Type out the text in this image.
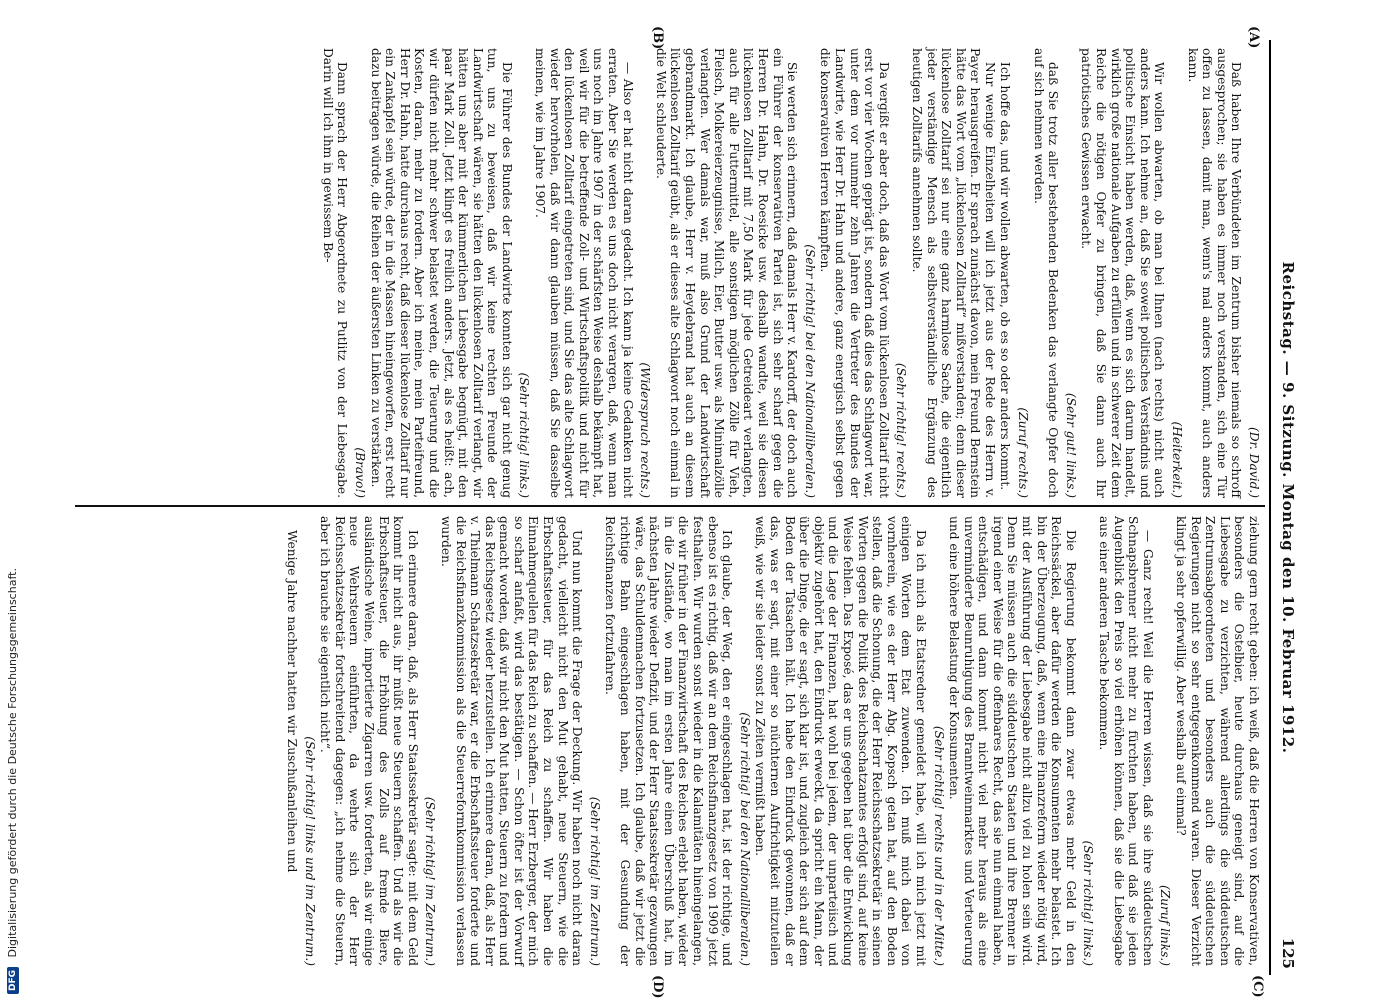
Reichstag. — 9. Sitzung. Montag den 10. Februar 1912.
125
(A)
(B)
(C)
(D)

(Dr. David.)

Daß haben Ihre Verbündeten im Zentrum bisher niemals so schroff ausgesprochen; sie haben es immer noch verstanden, sich eine Tür offen zu lassen, damit man, wenn's mal anders kommt, auch anders kann.

(Heiterkeit.)

Wir wollen abwarten, ob man bei Ihnen (nach rechts) nicht auch anders kann. Ich nehme an, daß Sie soweit politisches Verständnis und politische Einsicht haben werden, daß, wenn es sich darum handelt, wirklich große nationale Aufgaben zu erfüllen und in schwerer Zeit dem Reiche die nötigen Opfer zu bringen, daß Sie dann auch Ihr patriotisches Gewissen erwacht.

(Sehr gut! links.)

daß Sie trotz aller bestehenden Bedenken das verlangte Opfer doch auf sich nehmen werden.

(Zuruf rechts.)

Ich hoffe das, und wir wollen abwarten, ob es so oder anders kommt.

Nur wenige Einzelheiten will ich jetzt aus der Rede des Herrn v. Payer herausgreifen. Er sprach zunächst davon, mein Freund Bernstein hätte das Wort vom „lückenlosen Zolltarif“ mißverstanden; denn dieser lückenlose Zolltarif sei nur eine ganz harmlose Sache, die eigentlich jeder verständige Mensch als selbstverständliche Ergänzung des heutigen Zolltarifs annehmen sollte.

(Sehr richtig! rechts.)

Da vergißt er aber doch, daß das Wort vom lückenlosen Zolltarif nicht erst vor vier Wochen geprägt ist, sondern daß dies das Schlagwort war, unter dem vor nunmehr zehn Jahren die Vertreter des Bundes der Landwirte, wie Herr Dr. Hahn und andere, ganz energisch selbst gegen die konservativen Herren kämpften.

(Sehr richtig! bei den Nationalliberalen.)

Sie werden sich erinnern, daß damals Herr v. Kardorff, der doch auch ein Führer der konservativen Partei ist, sich sehr scharf gegen die Herren Dr. Hahn, Dr. Roesicke usw. deshalb wandte, weil sie diesen lückenlosen Zolltarif mit 7,50 Mark für jede Getreideart verlangten, auch für alle Futtermittel, alle sonstigen möglichen Zölle für Vieh, Fleisch, Molkereierzeugnisse, Milch, Eier, Butter usw. als Minimalzölle verlangten. Wer damals war, muß also Grund der Landwirtschaft gebrandmarkt. Ich glaube, Herr v. Heydebrand hat auch an diesem lückenlosen Zolltarif geübt, als er dieses alte Schlagwort noch einmal in die Welt schleuderte.

(Widerspruch rechts.)

— Also er hat nicht daran gedacht. Ich kann ja keine Gedanken nicht erraten. Aber Sie werden es uns doch nicht verargen, daß, wenn man uns noch im Jahre 1907 in der schärfsten Weise deshalb bekämpft hat, weil wir für die betreffende Zoll- und Wirtschaftspolitik und nicht für den lückenlosen Zolltarif eingetreten sind, und Sie das alte Schlagwort wieder hervorholen, daß wir dann glauben müssen, daß Sie dasselbe meinen, wie im Jahre 1907.

(Sehr richtig! links.)

Die Führer des Bundes der Landwirte konnten sich gar nicht genug tun, uns zu beweisen, daß wir keine rechten Freunde der Landwirtschaft wären, sie hätten den lückenlosen Zolltarif verlangt, wir hätten uns aber mit der kümmerlichen Liebesgabe begnügt, mit den paar Mark Zoll. Jetzt klingt es freilich anders. Jetzt, als es heißt: ach, wir dürfen nicht mehr schwer belastet werden, die Teuerung und die Kosten, daran, mehr zu fordern. Aber ich meine, mein Parteifreund, Herr Dr. Hahn, hatte durchaus recht, daß dieser lückenlose Zolltarif nur ein Zankapfel sein würde, der in die Massen hineingeworfen, erst recht dazu beitragen würde, die Reihen der äußersten Linken zu verstärken.

(Bravo!)

Dann sprach der Herr Abgeordnete zu Putlitz von der Liebesgabe. Darin will ich ihm in gewissem Be-

ziehung gern recht geben: ich weiß, daß die Herren von Konservativen, besonders die Ostelbier, heute durchaus geneigt sind, auf die Liebesgabe zu verzichten, während allerdings die süddeutschen Zentrumsabgeordneten und besonders auch die süddeutschen Regierungen nicht so sehr entgegenkommend waren. Dieser Verzicht klingt ja sehr opferwillig. Aber weshalb auf einmal?

(Zuruf links.)

— Ganz recht! Weil die Herren wissen, daß sie ihre süddeutschen Schnapsbrenner nicht mehr zu fürchten haben, und daß sie jeden Augenblick den Preis so viel erhöhen können, daß sie die Liebesgabe aus einer anderen Tasche bekommen.

(Sehr richtig! links.)

Die Regierung bekommt dann zwar etwas mehr Geld in den Reichssäckel, aber dafür werden die Konsumenten mehr belastet. Ich bin der Überzeugung, daß, wenn eine Finanzreform wieder nötig wird, mit der Ausführung der Liebesgabe nicht allzu viel zu holen sein wird. Denn Sie müssen auch die süddeutschen Staaten und ihre Brenner in irgend einer Weise für die offenbares Recht, das sie nun einmal haben, entschädigen, und dann kommt nicht viel mehr heraus als eine unverminderte Beunruhigung des Branntweinmarktes und Verteuerung und eine höhere Belastung der Konsumenten.

(Sehr richtig! rechts und in der Mitte.)

Da ich mich als Etatsredner gemeldet habe, will ich mich jetzt mit einigen Worten dem Etat zuwenden. Ich muß mich dabei von vornherein, wie es der Herr Abg. Kopsch getan hat, auf den Boden stellen, daß die Schonung, die der Herr Reichsschatzsekretär in seinen Worten gegen die Politik des Reichsschatzamtes erfolgt sind, auf keine Weise fehlen. Das Exposé, das er uns gegeben hat über die Entwicklung und die Lage der Finanzen, hat wohl bei jedem, der unparteiisch und objektiv zugehört hat, den Eindruck erweckt, da spricht ein Mann, der über die Dinge, die er sagt, sich klar ist, und zugleich der sich auf dem Boden der Tatsachen hält. Ich habe den Eindruck gewonnen, daß er das, was er sagt, mit einer so nüchternen Aufrichtigkeit mitzuteilen weiß, wie wir sie leider sonst zu Zeiten vermißt haben.

(Sehr richtig! bei den Nationalliberalen.)

Ich glaube, der Weg, den er eingeschlagen hat, ist der richtige, und ebenso ist es richtig, daß wir an dem Reichsfinanzgesetz von 1909 jetzt festhalten. Wir wurden sonst wieder in die Kalamitäten hineingelangen, die wir früher in der Finanzwirtschaft des Reiches erlebt haben, wieder in die Zustände, wo man im ersten Jahre einen Überschuß hat, im nächsten Jahre wieder Defizit, und der Herr Staatssekretär gezwungen wäre, das Schuldenmachen fortzusetzen. Ich glaube, daß wir jetzt die richtige Bahn eingeschlagen haben, mit der Gesundung der Reichsfinanzen fortzufahren.

(Sehr richtig! im Zentrum.)

Und nun kommt die Frage der Deckung. Wir haben noch nicht daran gedacht, vielleicht nicht den Mut gehabt, neue Steuern, wie die Erbschaftssteuer, für das Reich zu schaffen. Wir haben die Einnahmequellen für das Reich zu schaffen. — Herr Erzberger, der mich so scharf anfaßt, wird das bestätigen. — Schon öfter ist der Vorwurf gemacht worden, daß wir nicht den Mut hatten, Steuern zu fordern und das Reichsgesetz wieder herzustellen. Ich erinnere daran, daß, als Herr v. Thielmann Schatzsekretär war, er die Erbschaftssteuer forderte und die Reichsfinanzkommission als die Steuerreformkommission verlassen wurden.

(Sehr richtig! im Zentrum.)

Ich erinnere daran, daß, als Herr Staatssekretär sagte: mit dem Geld kommt ihr nicht aus, ihr müßt neue Steuern schaffen. Und als wir die Erbschaftssteuer, die Erhöhung des Zolls auf fremde Biere, ausländische Weine, importierte Zigarren usw. forderten, als wir einige neue Wehrsteuern einführten, da wehrte sich der Herr Reichsschatzsekretär fortschreitend dagegen: „ich nehme die Steuern, aber ich brauche sie eigentlich nicht“.

(Sehr richtig! links und im Zentrum.)

Wenige Jahre nachher hatten wir Zuschußanleihen und

DFG Digitalisierung gefördert durch die Deutsche Forschungsgemeinschaft.
